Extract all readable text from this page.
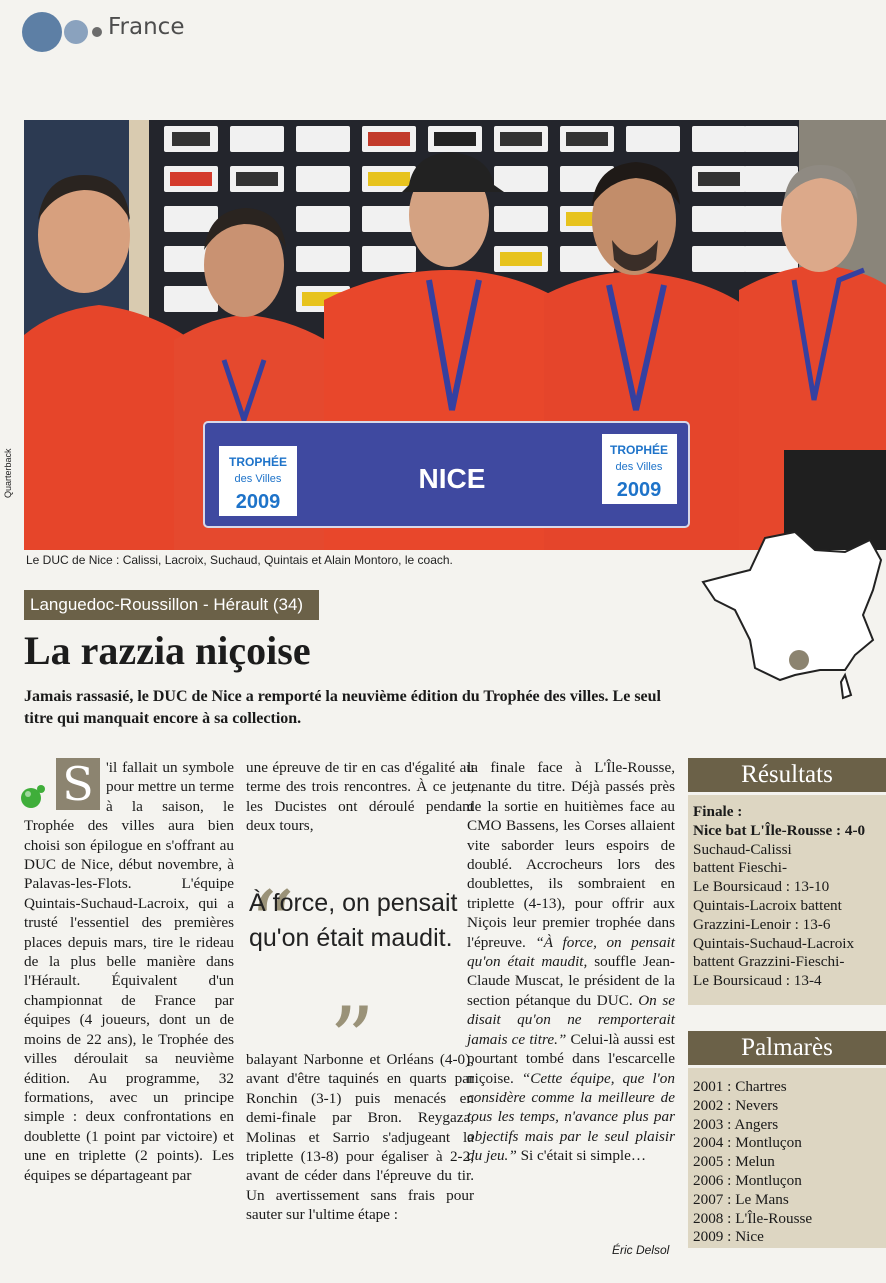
France
NICE
TROPHÉE
des Villes
2009
TROPHÉE
des Villes
2009
Quarterback
Le DUC de Nice : Calissi, Lacroix, Suchaud, Quintais et Alain Montoro, le coach.
Languedoc-Roussillon - Hérault (34)
La razzia niçoise
Jamais rassasié, le DUC de Nice a remporté la neuvième édition du Trophée des villes. Le seul titre qui manquait encore à sa collection.
S 'il fallait un symbole pour mettre un terme à la saison, le Trophée des villes aura bien choisi son épilogue en s'offrant au DUC de Nice, début novembre, à Palavas-les-Flots. L'équipe Quintais-Suchaud-Lacroix, qui a trusté l'essentiel des premières places depuis mars, tire le rideau de la plus belle manière dans l'Hérault. Équivalent d'un championnat de France par équipes (4 joueurs, dont un de moins de 22 ans), le Trophée des villes déroulait sa neuvième édition. Au programme, 32 formations, avec un principe simple : deux confrontations en doublette (1 point par victoire) et une en triplette (2 points). Les équipes se départageant par
une épreuve de tir en cas d'égalité au terme des trois rencontres. À ce jeu, les Ducistes ont déroulé pendant deux tours,
“
À force, on pensait qu'on était maudit.
”
balayant Narbonne et Orléans (4-0), avant d'être taquinés en quarts par Ronchin (3-1) puis menacés en demi-finale par Bron. Reygaza, Molinas et Sarrio s'adjugeant la triplette (13-8) pour égaliser à 2-2, avant de céder dans l'épreuve du tir. Un avertissement sans frais pour sauter sur l'ultime étape :
la finale face à L'Île-Rousse, tenante du titre. Déjà passés près de la sortie en huitièmes face au CMO Bassens, les Corses allaient vite saborder leurs espoirs de doublé. Accrocheurs lors des doublettes, ils sombraient en triplette (4-13), pour offrir aux Niçois leur premier trophée dans l'épreuve. “À force, on pensait qu'on était maudit, souffle Jean-Claude Muscat, le président de la section pétanque du DUC. On se disait qu'on ne remporterait jamais ce titre.” Celui-là aussi est pourtant tombé dans l'escarcelle niçoise. “Cette équipe, que l'on considère comme la meilleure de tous les temps, n'avance plus par objectifs mais par le seul plaisir du jeu.” Si c'était si simple…
Éric Delsol
Résultats

Finale :

Nice bat L'Île-Rousse : 4-0

Suchaud-Calissi

battent Fieschi-

Le Boursicaud : 13-10

Quintais-Lacroix battent

Grazzini-Lenoir : 13-6

Quintais-Suchaud-Lacroix

battent Grazzini-Fieschi-

Le Boursicaud : 13-4

Palmarès

2001 : Chartres

2002 : Nevers

2003 : Angers

2004 : Montluçon

2005 : Melun

2006 : Montluçon

2007 : Le Mans

2008 : L'Île-Rousse

2009 : Nice
